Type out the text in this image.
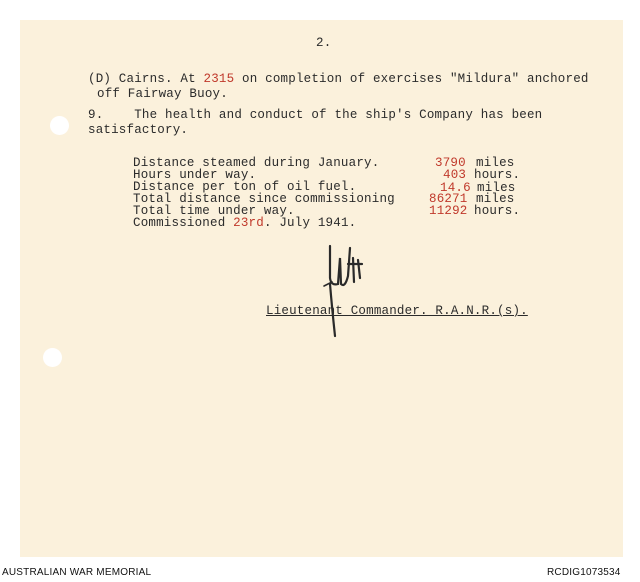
2.
(D) Cairns. At 2315 on completion of exercises "Mildura" anchored
off Fairway Buoy.
9.    The health and conduct of the ship's Company has been
satisfactory.
Distance steamed during January.	3790 miles
Hours under way.	403 hours.
Distance per ton of oil fuel.	14.6 miles
Total distance since commissioning	86271 miles
Total time under way.	11292 hours.
Commissioned 23rd. July 1941.
Lieutenant Commander. R.A.N.R.(s).
AUSTRALIAN WAR MEMORIAL	RCDIG1073534
